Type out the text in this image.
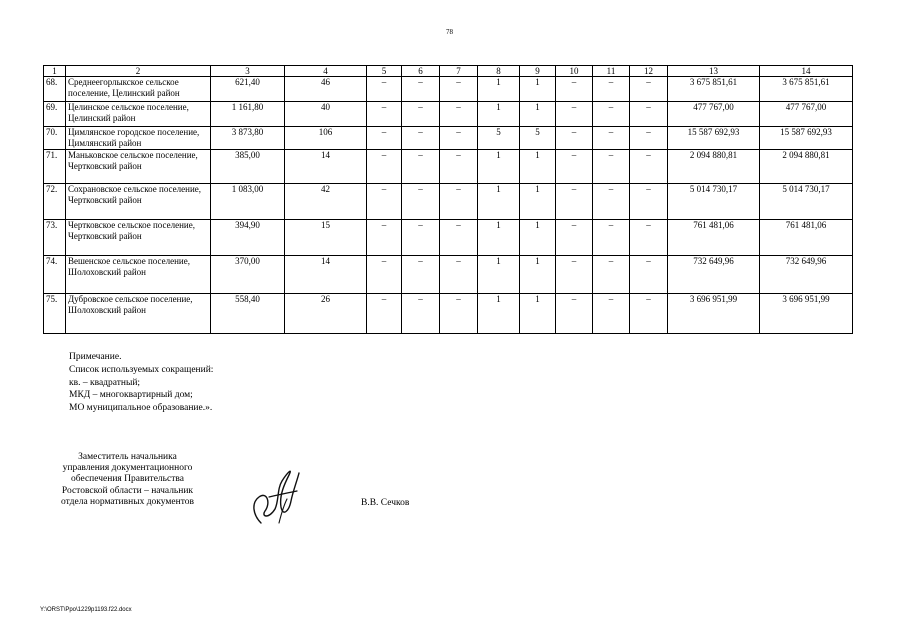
78
1	2	3	4	5	6	7	8	9	10	11	12	13	14
68.	Среднеегорлыкское сельское поселение, Целинский район	621,40	46	–	–	–	1	1	–	–	–	3 675 851,61	3 675 851,61
69.	Целинское сельское поселение, Целинский район	1 161,80	40	–	–	–	1	1	–	–	–	477 767,00	477 767,00
70.	Цимлянское городское поселение, Цимлянский район	3 873,80	106	–	–	–	5	5	–	–	–	15 587 692,93	15 587 692,93
71.	Маньковское сельское поселение, Чертковский район	385,00	14	–	–	–	1	1	–	–	–	2 094 880,81	2 094 880,81
72.	Сохрановское сельское поселение, Чертковский район	1 083,00	42	–	–	–	1	1	–	–	–	5 014 730,17	5 014 730,17
73.	Чертковское сельское поселение, Чертковский район	394,90	15	–	–	–	1	1	–	–	–	761 481,06	761 481,06
74.	Вешенское сельское поселение, Шолоховский район	370,00	14	–	–	–	1	1	–	–	–	732 649,96	732 649,96
75.	Дубровское сельское поселение, Шолоховский район	558,40	26	–	–	–	1	1	–	–	–	3 696 951,99	3 696 951,99
Примечание.
Список используемых сокращений:
кв. – квадратный;
МКД – многоквартирный дом;
МО муниципальное образование.».
Заместитель начальника
управления документационного
обеспечения Правительства
Ростовской области – начальник
отдела нормативных документов	В.В. Сечков
Y:\ORST\Ppo\1229p1193.f22.docx
